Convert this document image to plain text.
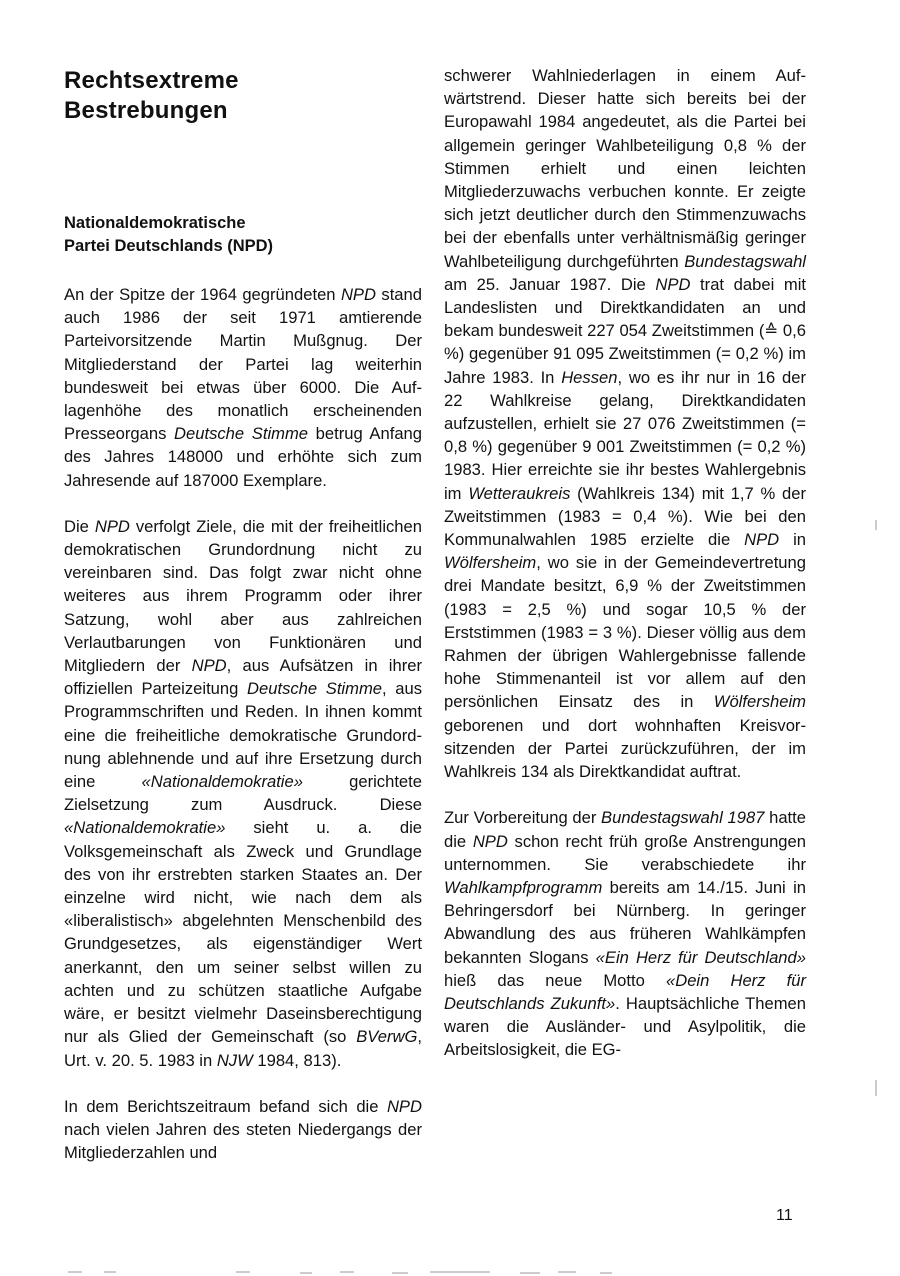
Rechtsextreme
Bestrebungen
Nationaldemokratische
Partei Deutschlands (NPD)

An der Spitze der 1964 gegründeten NPD stand auch 1986 der seit 1971 amtierende Parteivorsitzende Martin Mußgnug. Der Mitgliederstand der Partei lag weiterhin bundesweit bei etwas über 6000. Die Auflagenhöhe des monatlich erscheinenden Presseorgans Deutsche Stimme betrug Anfang des Jahres 148000 und erhöhte sich zum Jahresende auf 187000 Exemplare.

Die NPD verfolgt Ziele, die mit der freiheitlichen demokratischen Grundordnung nicht zu vereinbaren sind. Das folgt zwar nicht ohne weiteres aus ihrem Programm oder ihrer Satzung, wohl aber aus zahlreichen Verlautbarungen von Funktionären und Mitgliedern der NPD, aus Aufsätzen in ihrer offiziellen Parteizeitung Deutsche Stimme, aus Programmschriften und Reden. In ihnen kommt eine die freiheitliche demokratische Grundordnung ablehnende und auf ihre Ersetzung durch eine «Nationaldemokratie» gerichtete Zielsetzung zum Ausdruck. Diese «Nationaldemokratie» sieht u. a. die Volksgemeinschaft als Zweck und Grundlage des von ihr erstrebten starken Staates an. Der einzelne wird nicht, wie nach dem als «liberalistisch» abgelehnten Menschenbild des Grundgesetzes, als eigenständiger Wert anerkannt, den um seiner selbst willen zu achten und zu schützen staatliche Aufgabe wäre, er besitzt vielmehr Daseinsberechtigung nur als Glied der Gemeinschaft (so BVerwG, Urt. v. 20. 5. 1983 in NJW 1984, 813).

In dem Berichtszeitraum befand sich die NPD nach vielen Jahren des steten Niedergangs der Mitgliederzahlen und

schwerer Wahlniederlagen in einem Aufwärtstrend. Dieser hatte sich bereits bei der Europawahl 1984 angedeutet, als die Partei bei allgemein geringer Wahlbeteiligung 0,8 % der Stimmen erhielt und einen leichten Mitgliederzuwachs verbuchen konnte. Er zeigte sich jetzt deutlicher durch den Stimmenzuwachs bei der ebenfalls unter verhältnismäßig geringer Wahlbeteiligung durchgeführten Bundestagswahl am 25. Januar 1987. Die NPD trat dabei mit Landeslisten und Direktkandidaten an und bekam bundesweit 227 054 Zweitstimmen (≙ 0,6 %) gegenüber 91 095 Zweitstimmen (= 0,2 %) im Jahre 1983. In Hessen, wo es ihr nur in 16 der 22 Wahlkreise gelang, Direktkandidaten aufzustellen, erhielt sie 27 076 Zweitstimmen (= 0,8 %) gegenüber 9 001 Zweitstimmen (= 0,2 %) 1983. Hier erreichte sie ihr bestes Wahlergebnis im Wetteraukreis (Wahlkreis 134) mit 1,7 % der Zweitstimmen (1983 = 0,4 %). Wie bei den Kommunalwahlen 1985 erzielte die NPD in Wölfersheim, wo sie in der Gemeindevertretung drei Mandate besitzt, 6,9 % der Zweitstimmen (1983 = 2,5 %) und sogar 10,5 % der Erststimmen (1983 = 3 %). Dieser völlig aus dem Rahmen der übrigen Wahlergebnisse fallende hohe Stimmenanteil ist vor allem auf den persönlichen Einsatz des in Wölfersheim geborenen und dort wohnhaften Kreisvorsitzenden der Partei zurückzuführen, der im Wahlkreis 134 als Direktkandidat auftrat.

Zur Vorbereitung der Bundestagswahl 1987 hatte die NPD schon recht früh große Anstrengungen unternommen. Sie verabschiedete ihr Wahlkampfprogramm bereits am 14./15. Juni in Behringersdorf bei Nürnberg. In geringer Abwandlung des aus früheren Wahlkämpfen bekannten Slogans «Ein Herz für Deutschland» hieß das neue Motto «Dein Herz für Deutschlands Zukunft». Hauptsächliche Themen waren die Ausländer- und Asylpolitik, die Arbeitslosigkeit, die EG-

11
